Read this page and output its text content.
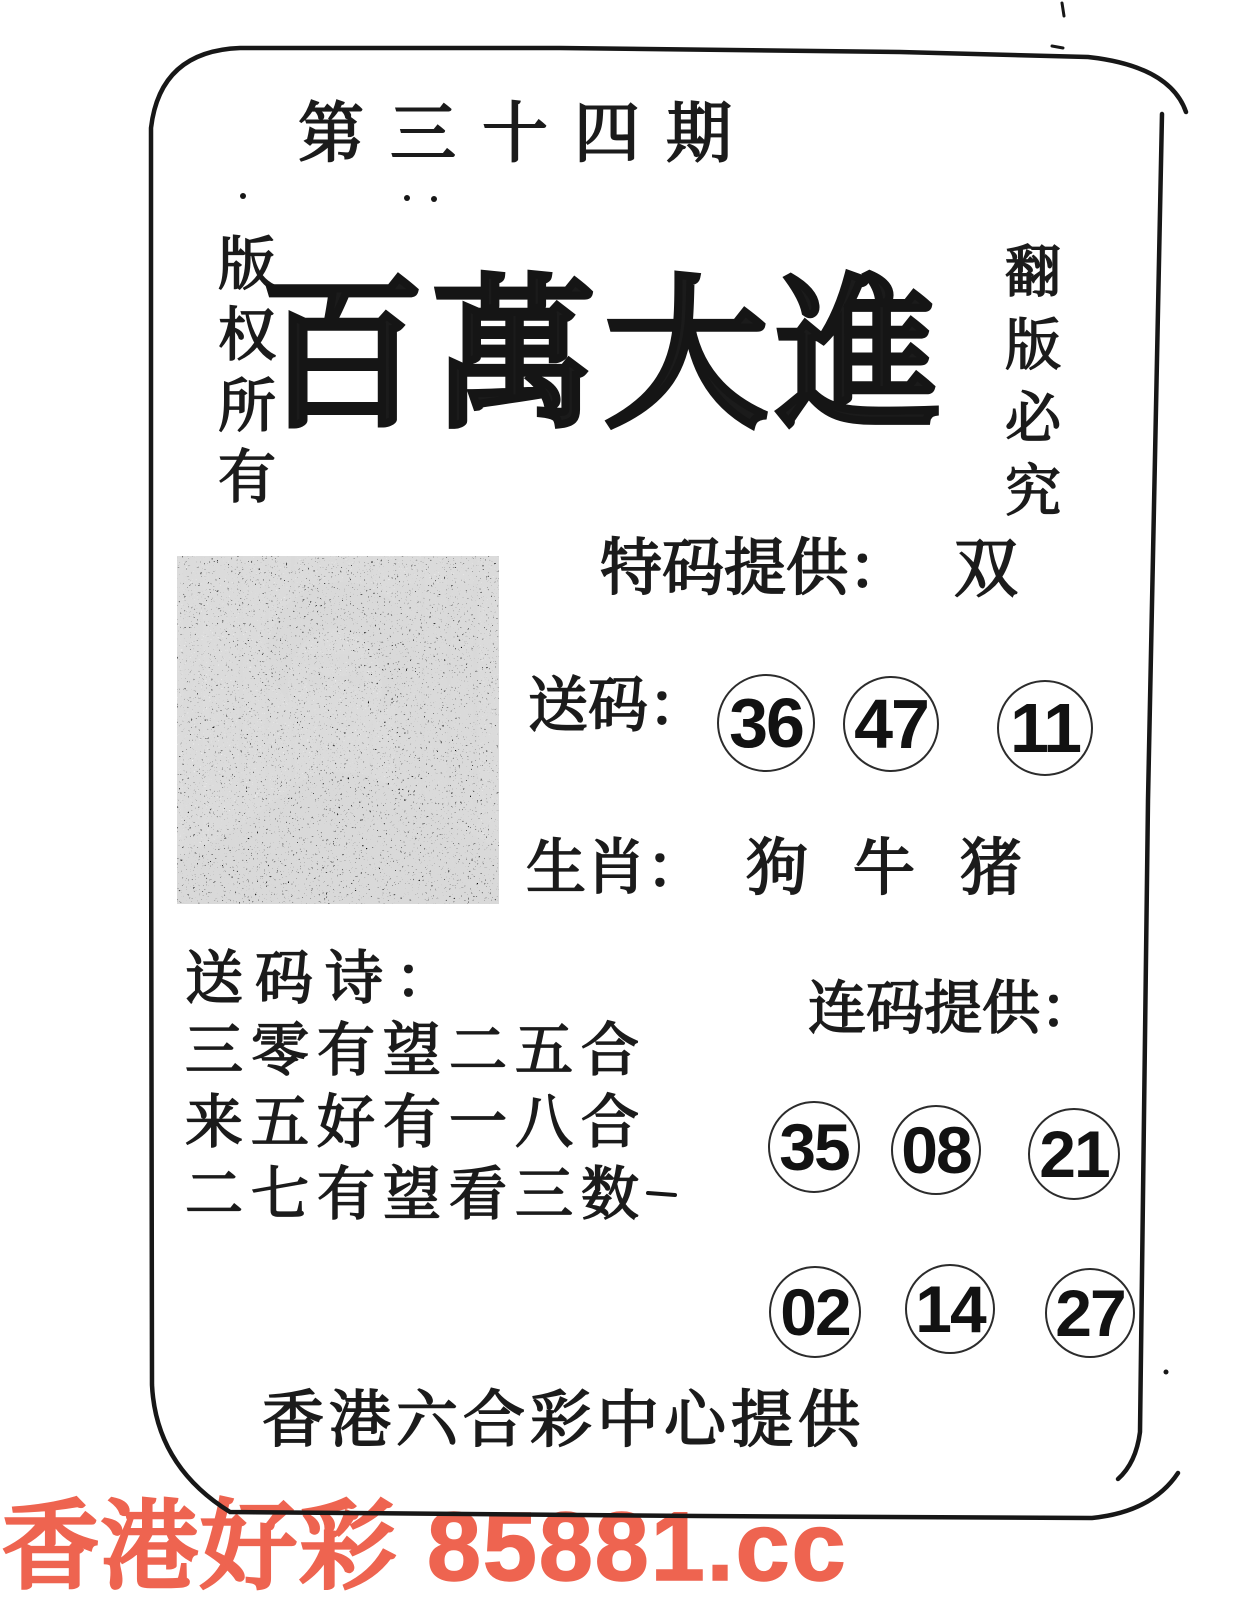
香港好彩 85881.cc
第三十四期
版权所有
百萬大進 翻版必究
特码提供： 双
送码： 36 47 11
生肖： 狗 牛 猪
送码诗：
三零有望二五合
来五好有一八合
二七有望看三数
连码提供：
35 08 21
02 14 27
香港六合彩中心提供
